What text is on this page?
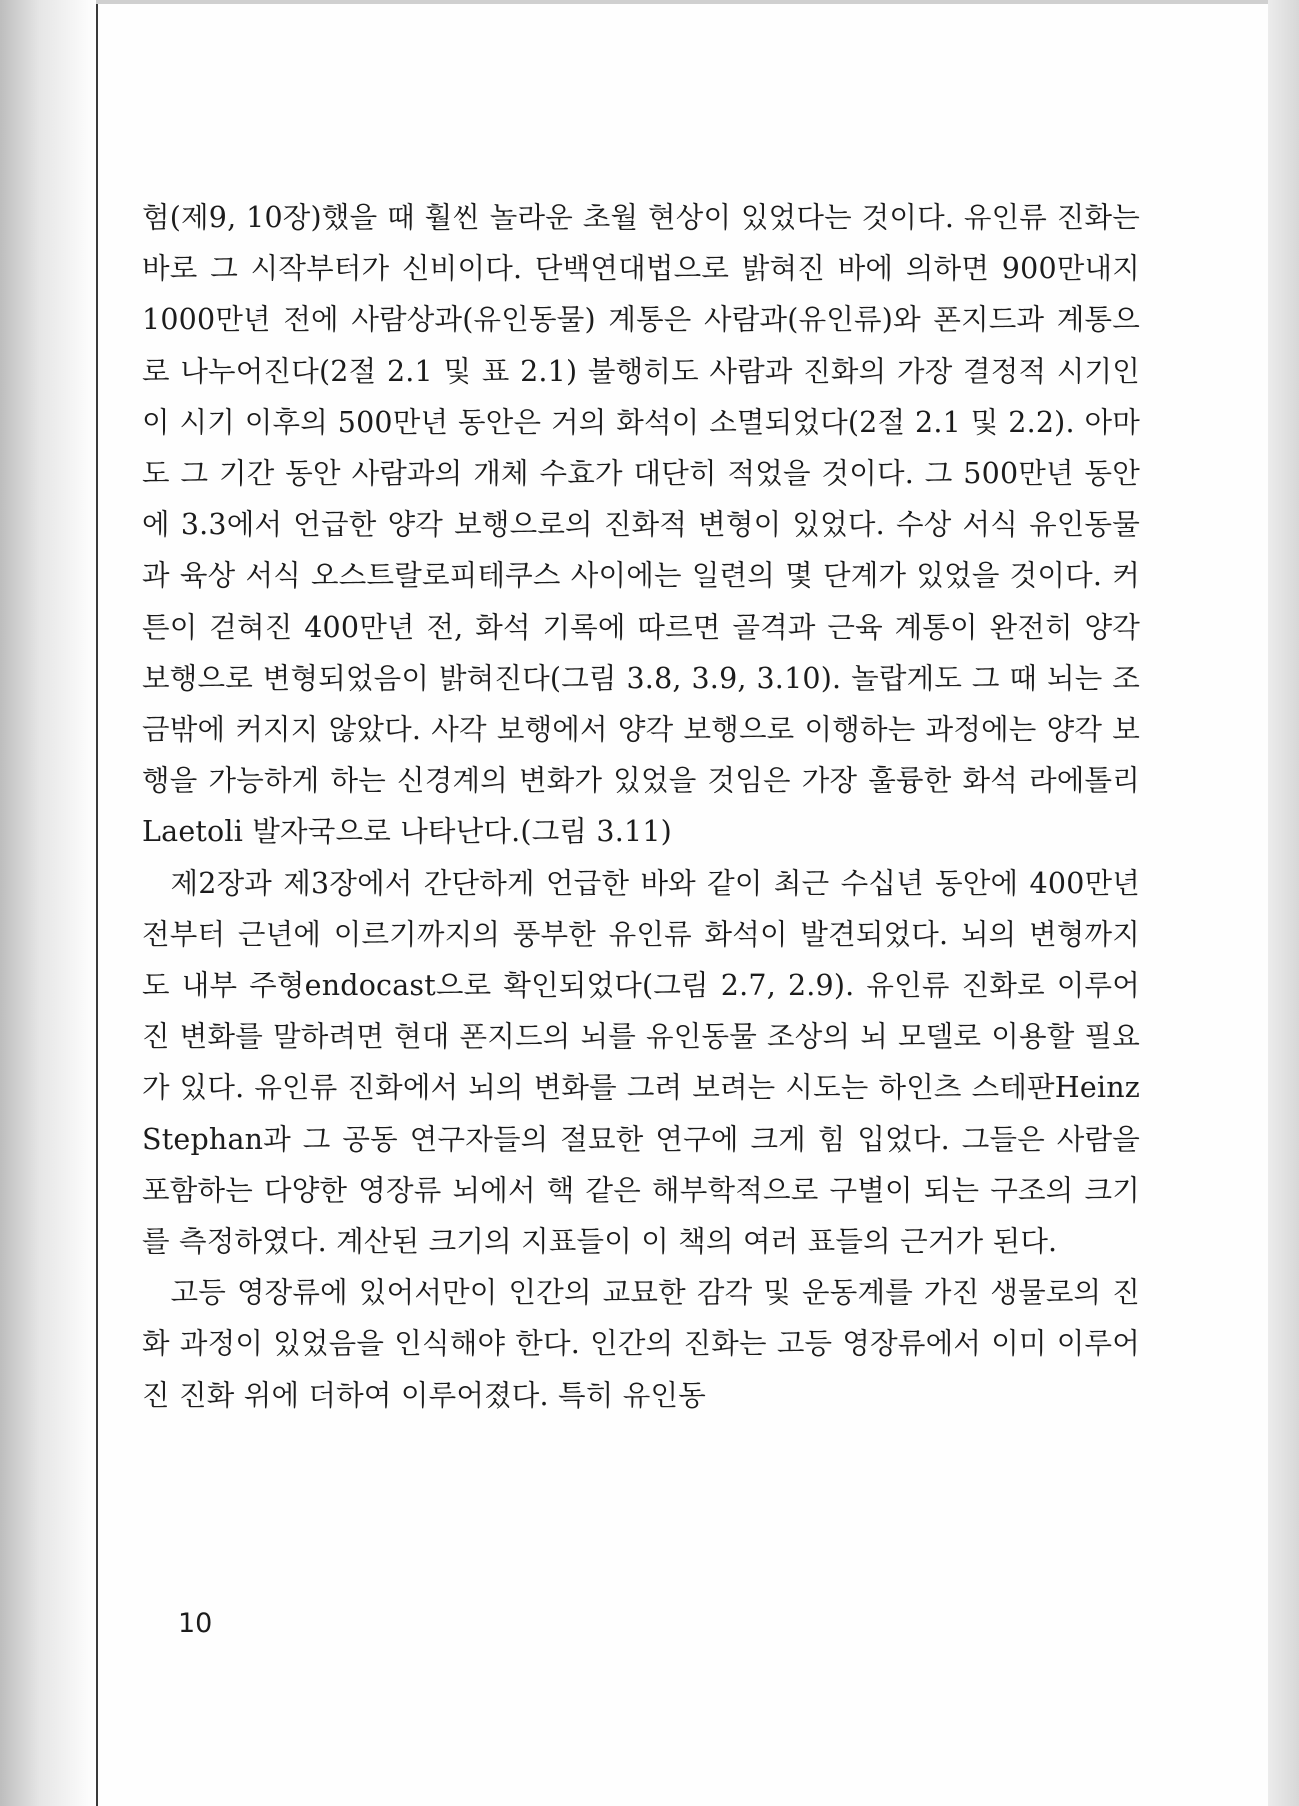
험(제9, 10장)했을 때 훨씬 놀라운 초월 현상이 있었다는 것이다. 유인류 진화는 바로 그 시작부터가 신비이다. 단백연대법으로 밝혀진 바에 의하면 900만내지 1000만년 전에 사람상과(유인동물) 계통은 사람과(유인류)와 폰지드과 계통으로 나누어진다(2절 2.1 및 표 2.1) 불행히도 사람과 진화의 가장 결정적 시기인 이 시기 이후의 500만년 동안은 거의 화석이 소멸되었다(2절 2.1 및 2.2). 아마도 그 기간 동안 사람과의 개체 수효가 대단히 적었을 것이다. 그 500만년 동안에 3.3에서 언급한 양각 보행으로의 진화적 변형이 있었다. 수상 서식 유인동물과 육상 서식 오스트랄로피테쿠스 사이에는 일련의 몇 단계가 있었을 것이다. 커튼이 걷혀진 400만년 전, 화석 기록에 따르면 골격과 근육 계통이 완전히 양각 보행으로 변형되었음이 밝혀진다(그림 3.8, 3.9, 3.10). 놀랍게도 그 때 뇌는 조금밖에 커지지 않았다. 사각 보행에서 양각 보행으로 이행하는 과정에는 양각 보행을 가능하게 하는 신경계의 변화가 있었을 것임은 가장 훌륭한 화석 라에톨리Laetoli 발자국으로 나타난다.(그림 3.11)

제2장과 제3장에서 간단하게 언급한 바와 같이 최근 수십년 동안에 400만년 전부터 근년에 이르기까지의 풍부한 유인류 화석이 발견되었다. 뇌의 변형까지도 내부 주형endocast으로 확인되었다(그림 2.7, 2.9). 유인류 진화로 이루어진 변화를 말하려면 현대 폰지드의 뇌를 유인동물 조상의 뇌 모델로 이용할 필요가 있다. 유인류 진화에서 뇌의 변화를 그려 보려는 시도는 하인츠 스테판Heinz Stephan과 그 공동 연구자들의 절묘한 연구에 크게 힘 입었다. 그들은 사람을 포함하는 다양한 영장류 뇌에서 핵 같은 해부학적으로 구별이 되는 구조의 크기를 측정하였다. 계산된 크기의 지표들이 이 책의 여러 표들의 근거가 된다.

고등 영장류에 있어서만이 인간의 교묘한 감각 및 운동계를 가진 생물로의 진화 과정이 있었음을 인식해야 한다. 인간의 진화는 고등 영장류에서 이미 이루어진 진화 위에 더하여 이루어졌다. 특히 유인동

10
